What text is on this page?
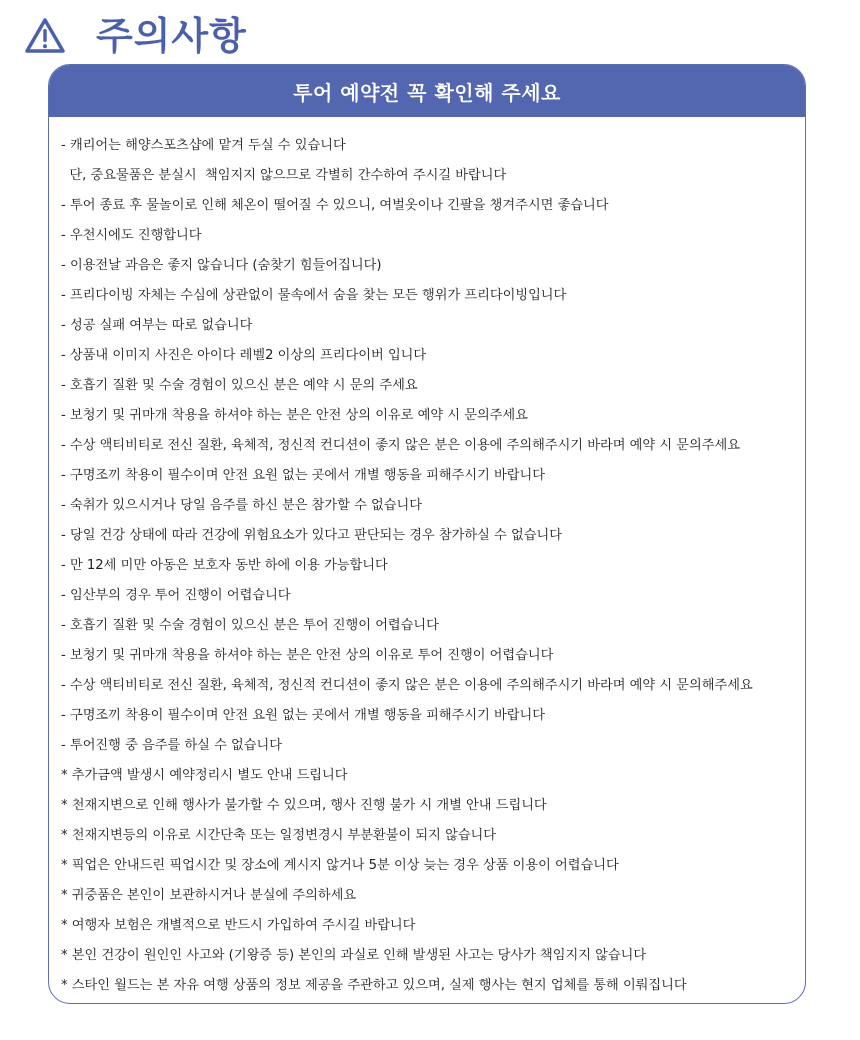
주의사항
투어 예약전 꼭 확인해 주세요
- 캐리어는 해양스포츠샵에 맡겨 두실 수 있습니다
단, 중요물품은 분실시  책임지지 않으므로 각별히 간수하여 주시길 바랍니다
- 투어 종료 후 물놀이로 인해 체온이 떨어질 수 있으니, 여벌옷이나 긴팔을 챙겨주시면 좋습니다
- 우천시에도 진행합니다
- 이용전날 과음은 좋지 않습니다 (숨찾기 힘들어집니다)
- 프리다이빙 자체는 수심에 상관없이 물속에서 숨을 찾는 모든 행위가 프리다이빙입니다
- 성공 실패 여부는 따로 없습니다
- 상품내 이미지 사진은 아이다 레벨2 이상의 프리다이버 입니다
- 호흡기 질환 및 수술 경험이 있으신 분은 예약 시 문의 주세요
- 보청기 및 귀마개 착용을 하셔야 하는 분은 안전 상의 이유로 예약 시 문의주세요
- 수상 액티비티로 전신 질환, 육체적, 정신적 컨디션이 좋지 않은 분은 이용에 주의해주시기 바라며 예약 시 문의주세요
- 구명조끼 착용이 필수이며 안전 요원 없는 곳에서 개별 행동을 피해주시기 바랍니다
- 숙취가 있으시거나 당일 음주를 하신 분은 참가할 수 없습니다
- 당일 건강 상태에 따라 건강에 위험요소가 있다고 판단되는 경우 참가하실 수 없습니다
- 만 12세 미만 아동은 보호자 동반 하에 이용 가능합니다
- 임산부의 경우 투어 진행이 어렵습니다
- 호흡기 질환 및 수술 경험이 있으신 분은 투어 진행이 어렵습니다
- 보청기 및 귀마개 착용을 하셔야 하는 분은 안전 상의 이유로 투어 진행이 어렵습니다
- 수상 액티비티로 전신 질환, 육체적, 정신적 컨디션이 좋지 않은 분은 이용에 주의해주시기 바라며 예약 시 문의해주세요
- 구명조끼 착용이 필수이며 안전 요원 없는 곳에서 개별 행동을 피해주시기 바랍니다
- 투어진행 중 음주를 하실 수 없습니다
* 추가금액 발생시 예약정리시 별도 안내 드립니다
* 천재지변으로 인해 행사가 불가할 수 있으며, 행사 진행 불가 시 개별 안내 드립니다
* 천재지변등의 이유로 시간단축 또는 일정변경시 부분환불이 되지 않습니다
* 픽업은 안내드린 픽업시간 및 장소에 계시지 않거나 5분 이상 늦는 경우 상품 이용이 어렵습니다
* 귀중품은 본인이 보관하시거나 분실에 주의하세요
* 여행자 보험은 개별적으로 반드시 가입하여 주시길 바랍니다
* 본인 건강이 원인인 사고와 (기왕증 등) 본인의 과실로 인해 발생된 사고는 당사가 책임지지 않습니다
* 스타인 월드는 본 자유 여행 상품의 정보 제공을 주관하고 있으며, 실제 행사는 현지 업체를 통해 이뤄집니다
